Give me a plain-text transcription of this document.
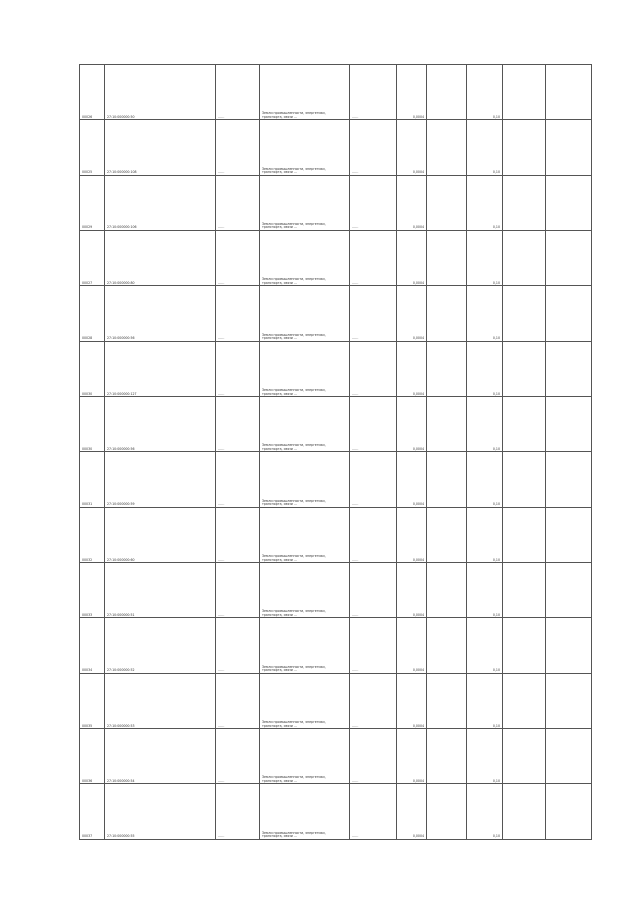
00026	27:10:000000:50	……	Земли промышленности, энергетики, транспорта, связи …	……	0,0004		0,10		
00025	27:10:000000:108	……	Земли промышленности, энергетики, транспорта, связи …	……	0,0004		0,10		
00029	27:10:000000:106	……	Земли промышленности, энергетики, транспорта, связи …	……	0,0004		0,10		
00027	27:10:000000:80	……	Земли промышленности, энергетики, транспорта, связи …	……	0,0004		0,10		
00028	27:10:000000:56	……	Земли промышленности, энергетики, транспорта, связи …	……	0,0004		0,10		
00030	27:10:000000:127	……	Земли промышленности, энергетики, транспорта, связи …	……	0,0004		0,10		
00030	27:10:000000:56	……	Земли промышленности, энергетики, транспорта, связи …	……	0,0004		0,10		
00031	27:10:000000:59	……	Земли промышленности, энергетики, транспорта, связи …	……	0,0004		0,10		
00032	27:10:000000:60	……	Земли промышленности, энергетики, транспорта, связи …	……	0,0004		0,10		
00033	27:10:000000:51	……	Земли промышленности, энергетики, транспорта, связи …	……	0,0004		0,10		
00034	27:10:000000:52	……	Земли промышленности, энергетики, транспорта, связи …	……	0,0004		0,10		
00035	27:10:000000:53	……	Земли промышленности, энергетики, транспорта, связи …	……	0,0004		0,10		
00036	27:10:000000:54	……	Земли промышленности, энергетики, транспорта, связи …	……	0,0004		0,10		
00037	27:10:000000:55	……	Земли промышленности, энергетики, транспорта, связи …	……	0,0004		0,10		
